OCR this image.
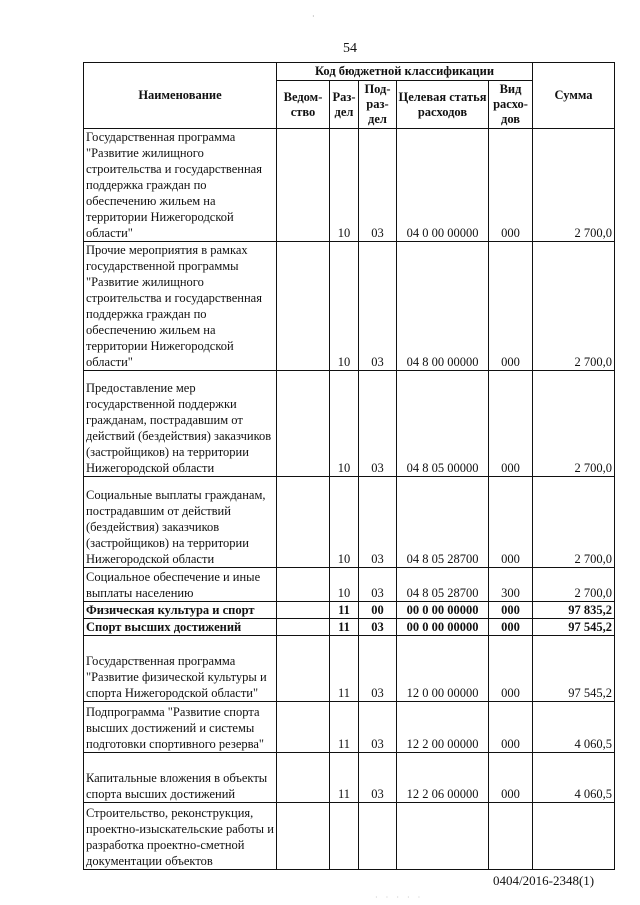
·
54
Наименование	Код бюджетной классификации					Сумма
	Ведом-ство	Раз-дел	Под-раз-дел	Целевая статья расходов	Вид расхо-дов	
Государственная программа "Развитие жилищного строительства и государственная поддержка граждан по обеспечению жильем на территории Нижегородской области"		10	03	04 0 00 00000	000	2 700,0
Прочие мероприятия в рамках государственной программы "Развитие жилищного строительства и государственная поддержка граждан по обеспечению жильем на территории Нижегородской области"		10	03	04 8 00 00000	000	2 700,0
Предоставление мер государственной поддержки гражданам, пострадавшим от действий (бездействия) заказчиков (застройщиков) на территории Нижегородской области		10	03	04 8 05 00000	000	2 700,0
Социальные выплаты гражданам, пострадавшим от действий (бездействия) заказчиков (застройщиков) на территории Нижегородской области		10	03	04 8 05 28700	000	2 700,0
Социальное обеспечение и иные выплаты населению		10	03	04 8 05 28700	300	2 700,0
Физическая культура и спорт		11	00	00 0 00 00000	000	97 835,2
Спорт высших достижений		11	03	00 0 00 00000	000	97 545,2
Государственная программа "Развитие физической культуры и спорта Нижегородской области"		11	03	12 0 00 00000	000	97 545,2
Подпрограмма "Развитие спорта высших достижений и системы подготовки спортивного резерва"		11	03	12 2 00 00000	000	4 060,5
Капитальные вложения в объекты спорта высших достижений		11	03	12 2 06 00000	000	4 060,5
Строительство, реконструкция, проектно-изыскательские работы и разработка проектно-сметной документации объектов						
0404/2016-2348(1)
· · · · ·
